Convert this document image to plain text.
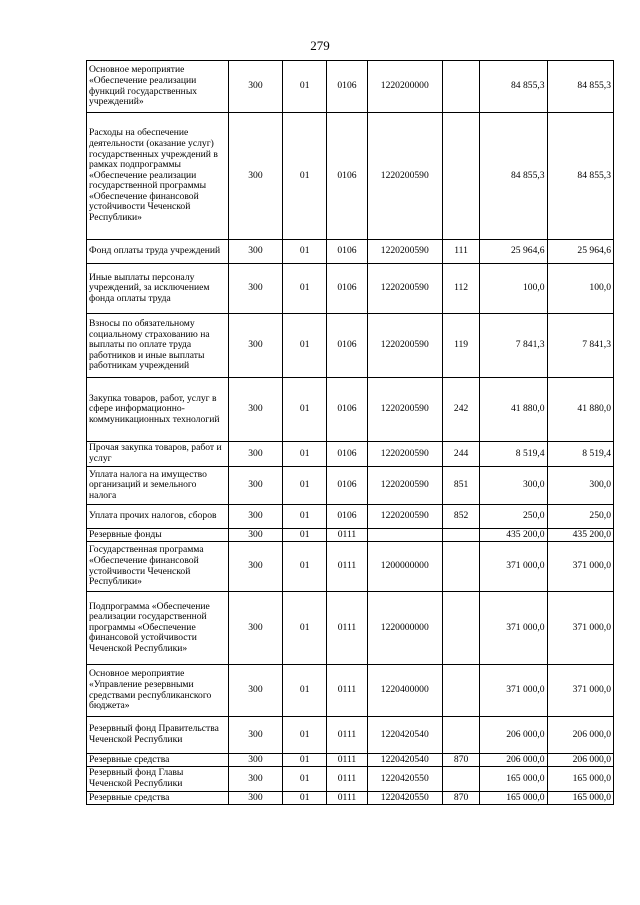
279
Основное мероприятие «Обеспечение реализации функций государственных учреждений»	300	01	0106	1220200000		84 855,3	84 855,3
Расходы на обеспечение деятельности (оказание услуг) государственных учреждений в рамках подпрограммы «Обеспечение реализации государственной программы «Обеспечение финансовой устойчивости Чеченской Республики»	300	01	0106	1220200590		84 855,3	84 855,3
Фонд оплаты труда учреждений	300	01	0106	1220200590	111	25 964,6	25 964,6
Иные выплаты персоналу учреждений, за исключением фонда оплаты труда	300	01	0106	1220200590	112	100,0	100,0
Взносы по обязательному социальному страхованию на выплаты по оплате труда работников и иные выплаты работникам учреждений	300	01	0106	1220200590	119	7 841,3	7 841,3
Закупка товаров, работ, услуг в сфере информационно-коммуникационных технологий	300	01	0106	1220200590	242	41 880,0	41 880,0
Прочая закупка товаров, работ и услуг	300	01	0106	1220200590	244	8 519,4	8 519,4
Уплата налога на имущество организаций и земельного налога	300	01	0106	1220200590	851	300,0	300,0
Уплата прочих налогов, сборов	300	01	0106	1220200590	852	250,0	250,0
Резервные фонды	300	01	0111			435 200,0	435 200,0
Государственная программа «Обеспечение финансовой устойчивости Чеченской Республики»	300	01	0111	1200000000		371 000,0	371 000,0
Подпрограмма «Обеспечение реализации государственной программы «Обеспечение финансовой устойчивости Чеченской Республики»	300	01	0111	1220000000		371 000,0	371 000,0
Основное мероприятие «Управление резервными средствами республиканского бюджета»	300	01	0111	1220400000		371 000,0	371 000,0
Резервный фонд Правительства Чеченской Республики	300	01	0111	1220420540		206 000,0	206 000,0
Резервные средства	300	01	0111	1220420540	870	206 000,0	206 000,0
Резервный фонд Главы Чеченской Республики	300	01	0111	1220420550		165 000,0	165 000,0
Резервные средства	300	01	0111	1220420550	870	165 000,0	165 000,0
